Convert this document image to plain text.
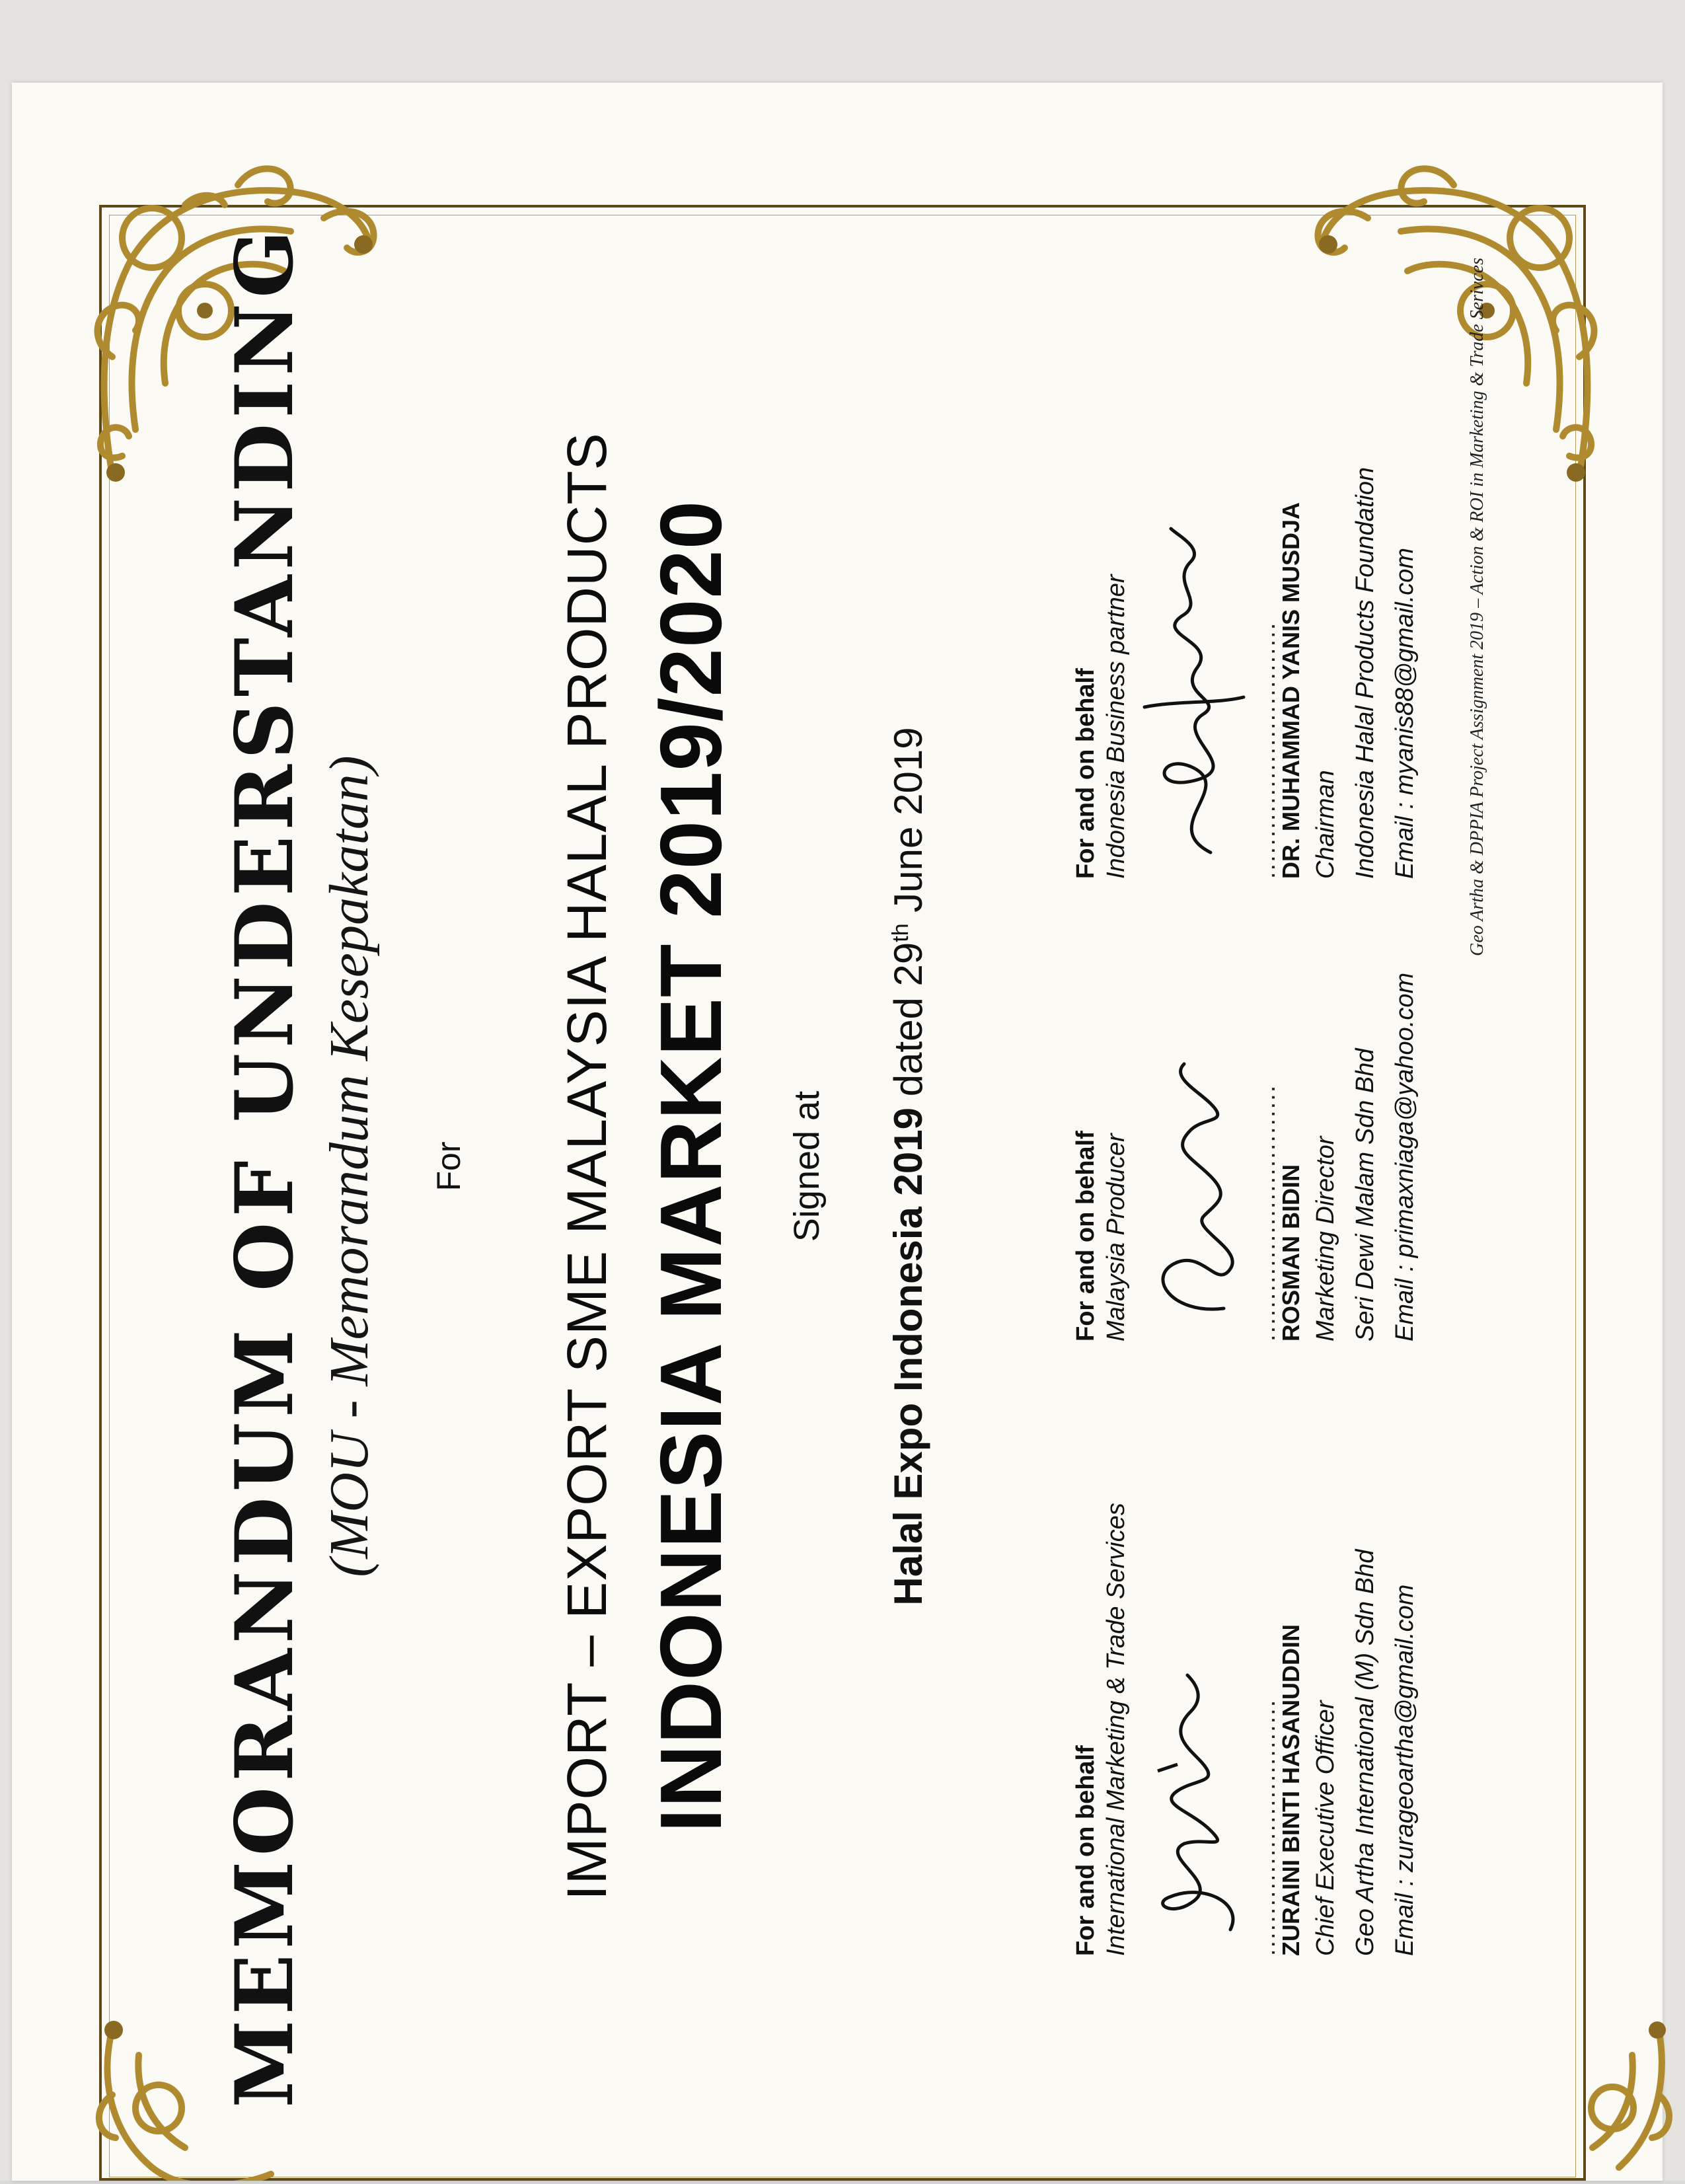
MEMORANDUM OF UNDERSTANDING (MOU - Memorandum Kesepakatan) For IMPORT – EXPORT SME MALAYSIA HALAL PRODUCTS INDONESIA MARKET 2019/2020 Signed at Halal Expo Indonesia 2019 dated 29th June 2019
For and on behalf International Marketing & Trade Services	...............................
ZURAINI BINTI HASANUDDIN Chief Executive Officer Geo Artha International (M) Sdn Bhd Email : zurageoartha@gmail.com
For and on behalf Malaysia Producer	...............................
ROSMAN BIDIN Marketing Director Seri Dewi Malam Sdn Bhd Email : primaxniaga@yahoo.com
For and on behalf Indonesia Business partner	...............................
DR. MUHAMMAD YANIS MUSDJA Chairman Indonesia Halal Products Foundation Email : myanis88@gmail.com	Geo Artha & DPPIA Project Assignment 2019 – Action & ROI in Marketing & Trade Serivces
